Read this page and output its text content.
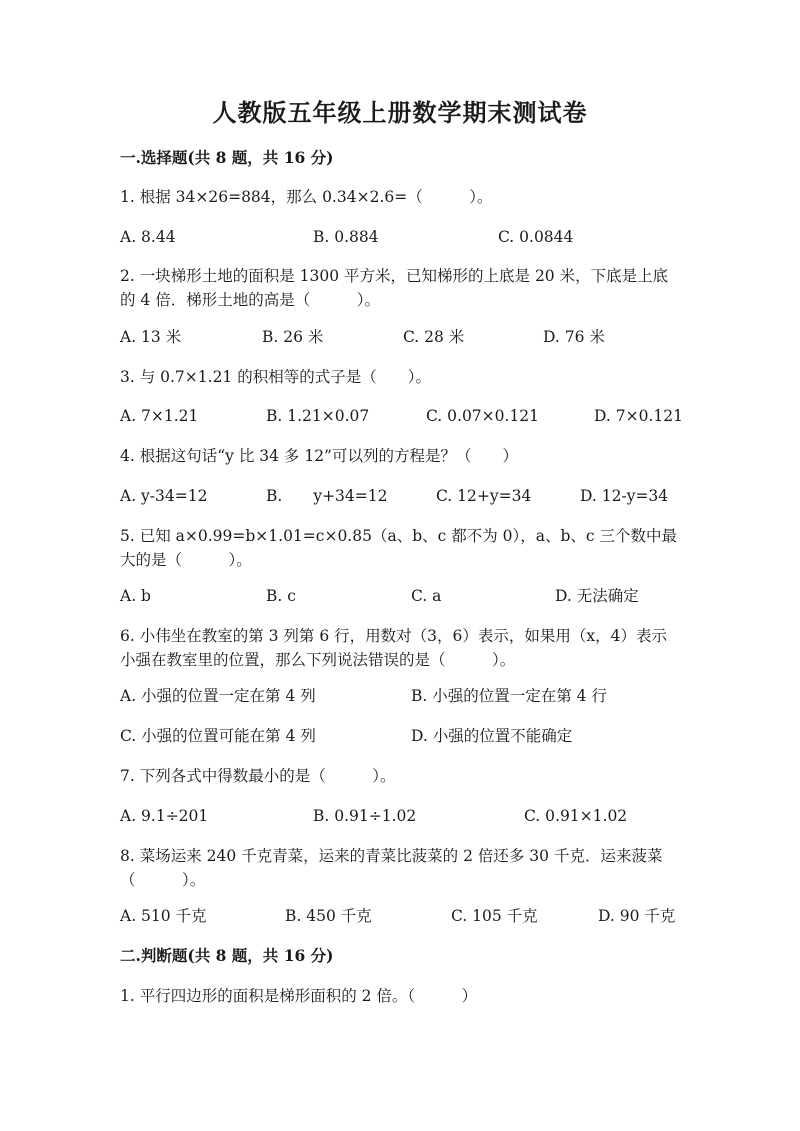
人教版五年级上册数学期末测试卷
一.选择题(共 8 题，共 16 分)

1. 根据 34×26=884，那么 0.34×2.6=（　　　）。

A. 8.44	B. 0.884	C. 0.0844

2. 一块梯形土地的面积是 1300 平方米，已知梯形的上底是 20 米，下底是上底

的 4 倍．梯形土地的高是（　　　）。

A. 13 米	B. 26 米	C. 28 米	D. 76 米

3. 与 0.7×1.21 的积相等的式子是（　　）。

A. 7×1.21	B. 1.21×0.07	C. 0.07×0.121	D. 7×0.121

4. 根据这句话“y 比 34 多 12”可以列的方程是？（　　）

A. y-34=12	B.　　y+34=12	C. 12+y=34	D. 12-y=34

5. 已知 a×0.99=b×1.01=c×0.85（a、b、c 都不为 0），a、b、c 三个数中最

大的是（　　　）。

A. b	B. c	C. a	D. 无法确定

6. 小伟坐在教室的第 3 列第 6 行，用数对（3，6）表示，如果用（x，4）表示

小强在教室里的位置，那么下列说法错误的是（　　　）。

A. 小强的位置一定在第 4 列	B. 小强的位置一定在第 4 行
C. 小强的位置可能在第 4 列	D. 小强的位置不能确定

7. 下列各式中得数最小的是（　　　）。

A. 9.1÷201	B. 0.91÷1.02	C. 0.91×1.02

8. 菜场运来 240 千克青菜，运来的青菜比菠菜的 2 倍还多 30 千克．运来菠菜

（　　　）。

A. 510 千克	B. 450 千克	C. 105 千克	D. 90 千克
二.判断题(共 8 题，共 16 分)

1. 平行四边形的面积是梯形面积的 2 倍。（　　　）
